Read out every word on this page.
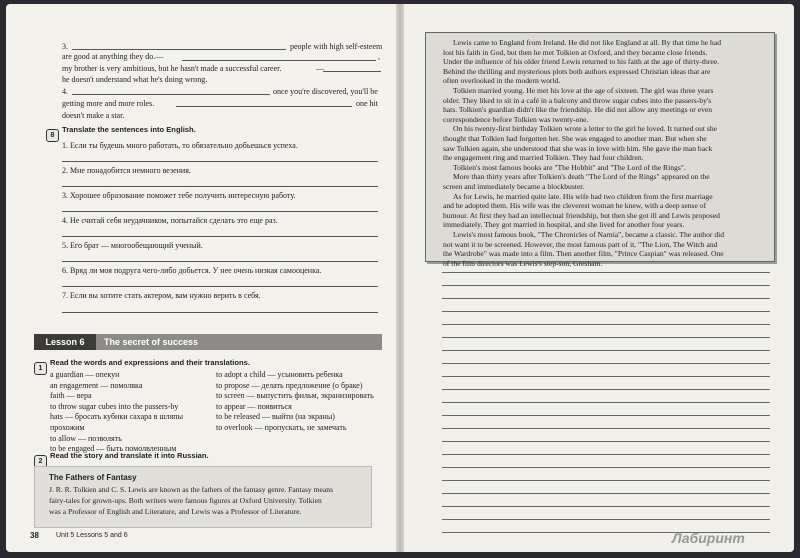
3.	people with high self-esteem
are good at anything they do.—	,
my brother is very ambitious, but he hasn't made a successful career.	—
he doesn't understand what he's doing wrong.
4.	once you're discovered, you'll be
getting more and more roles.	one hit
doesn't make a star.
8
Translate the sentences into English.
1. Если ты будешь много работать, то обязательно добьешься успеха.
2. Мне понадобится немного везения.
3. Хорошее образование поможет тебе получить интересную работу.
4. Не считай себя неудачником, попытайся сделать это еще раз.
5. Его брат — многообещающий ученый.
6. Вряд ли моя подруга чего-либо добьется. У нее очень низкая самооценка.
7. Если вы хотите стать актером, вам нужно верить в себя.
Lesson 6	The secret of success
1
Read the words and expressions and their translations.
a guardian — опекун
an engagement — помолвка
faith — вера
to throw sugar cubes into the passers-by
hats — бросать кубики сахара в шляпы
прохожим
to allow — позволять
to be engaged — быть помолвленным
to adopt a child — усыновить ребенка
to propose — делать предложение (о браке)
to screen — выпустить фильм, экранизировать
to appear — появиться
to be released — выйти (на экраны)
to overlook — пропускать, не замечать
2
Read the story and translate it into Russian.
The Fathers of Fantasy
J. R. R. Tolkien and C. S. Lewis are known as the fathers of the fantasy genre. Fantasy means
fairy-tales for grown-ups. Both writers were famous figures at Oxford University. Tolkien
was a Professor of English and Literature, and Lewis was a Professor of Literature.
38 Unit 5 Lessons 5 and 6
Lewis came to England from Ireland. He did not like England at all. By that time he had
lost his faith in God, but then he met Tolkien at Oxford, and they became close friends.
Under the influence of his older friend Lewis returned to his faith at the age of thirty-three.
Behind the thrilling and mysterious plots both authors expressed Christian ideas that are
often overlooked in the modern world.
Tolkien married young. He met his love at the age of sixteen. The girl was three years
older. They liked to sit in a café in a balcony and throw sugar cubes into the passers-by's
hats. Tolkien's guardian didn't like the friendship. He did not allow any meetings or even
correspondence before Tolkien was twenty-one.
On his twenty-first birthday Tolkien wrote a letter to the girl he loved. It turned out she
thought that Tolkien had forgotten her. She was engaged to another man. But when she
saw Tolkien again, she understood that she was in love with him. She gave the man back
the engagement ring and married Tolkien. They had four children.
Tolkien's most famous books are "The Hobbit" and "The Lord of the Rings".
More than thirty years after Tolkien's death "The Lord of the Rings" appeared on the
screen and immediately became a blockbuster.
As for Lewis, he married quite late. His wife had two children from the first marriage
and he adopted them. His wife was the cleverest woman he knew, with a deep sense of
humour. At first they had an intellectual friendship, but then she got ill and Lewis proposed
immediately. They got married in hospital, and she lived for another four years.
Lewis's most famous book, "The Chronicles of Narnia", became a classic. The author did
not want it to be screened. However, the most famous part of it, "The Lion, The Witch and
the Wardrobe" was made into a film. Then another film, "Prince Caspian" was released. One
of the film directors was Lewis's step-son, Gresham.
Лабиринт
